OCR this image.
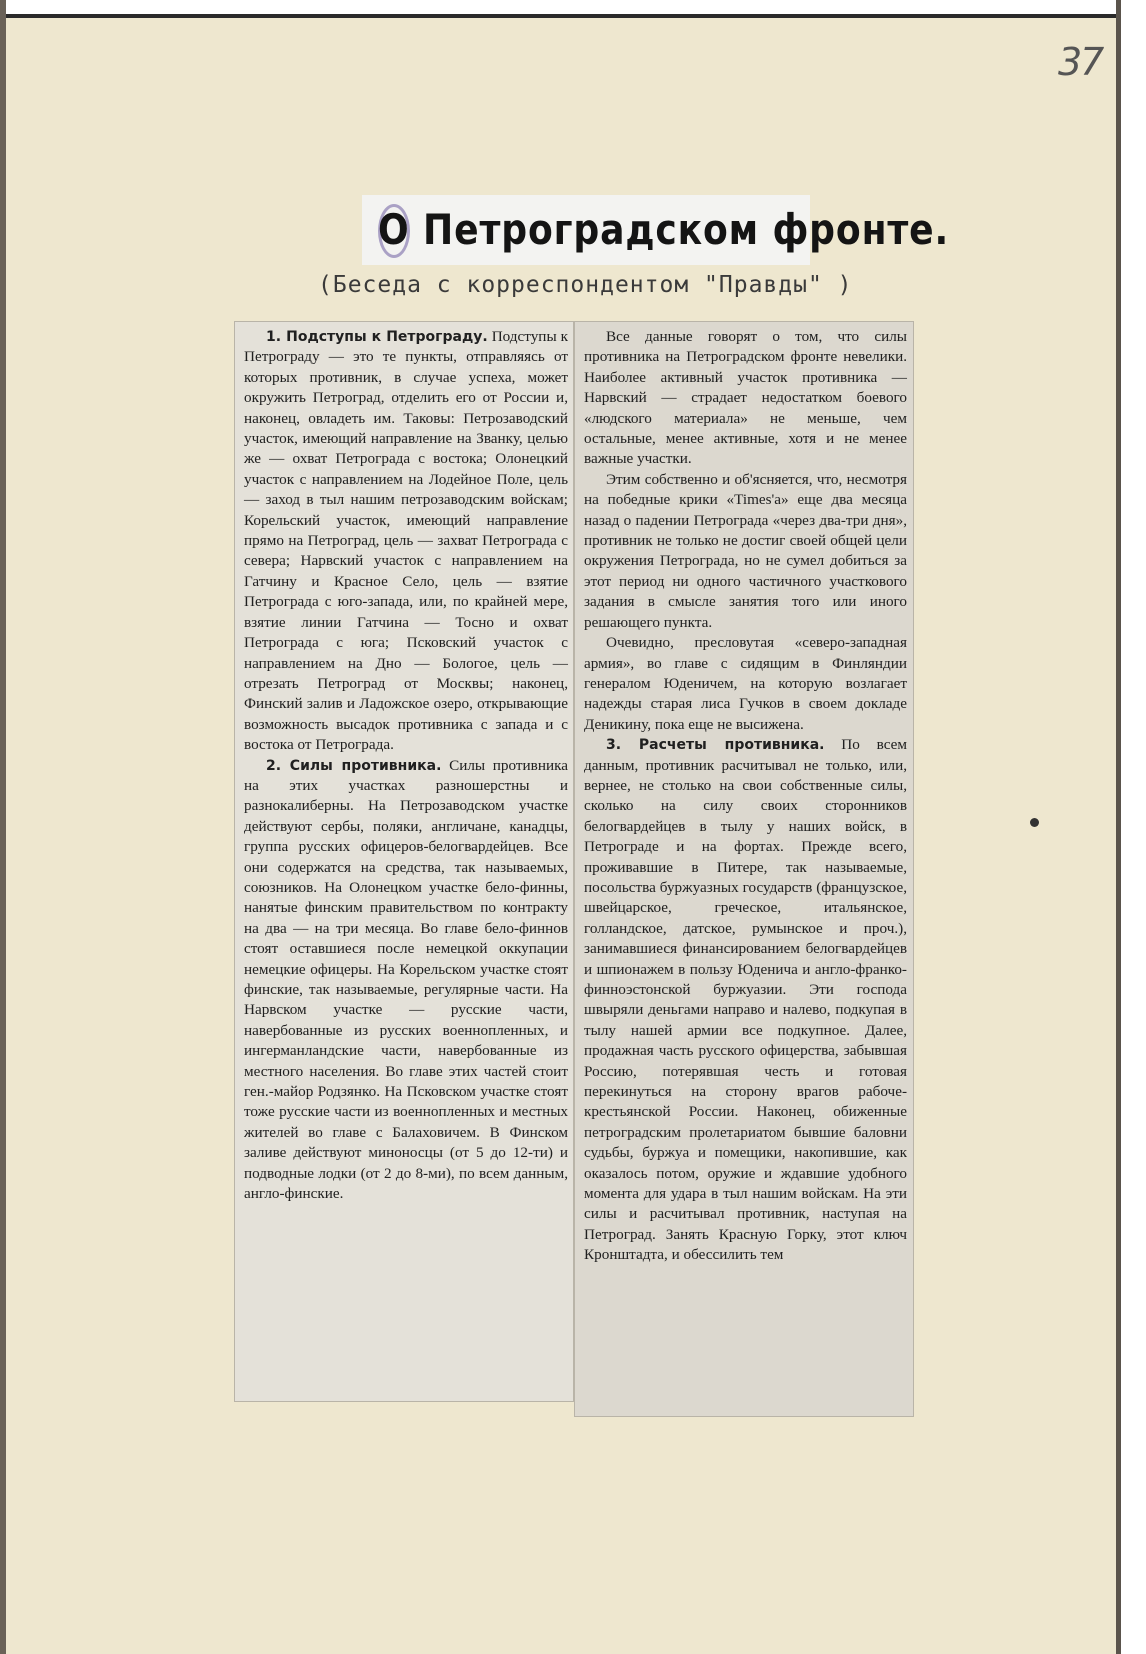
37
О Петроградском фронте.
(Беседа с корреспондентом "Правды" )

1. Подступы к Петрограду. Подступы к Петрограду — это те пункты, отправляясь от которых противник, в случае успеха, может окружить Петроград, отделить его от России и, наконец, овладеть им. Таковы: Петрозаводский участок, имеющий направление на Званку, целью же — охват Петрограда с востока; Олонецкий участок с направлением на Лодейное Поле, цель — заход в тыл нашим петрозаводским войскам; Корельский участок, имеющий направление прямо на Петроград, цель — захват Петрограда с севера; Нарвский участок с направлением на Гатчину и Красное Село, цель — взятие Петрограда с юго-запада, или, по крайней мере, взятие линии Гатчина — Тосно и охват Петрограда с юга; Псковский участок с направлением на Дно — Бологое, цель — отрезать Петроград от Москвы; наконец, Финский залив и Ладожское озеро, открывающие возможность высадок противника с запада и с востока от Петрограда.

2. Силы противника. Силы противника на этих участках разношерстны и разнокалиберны. На Петрозаводском участке действуют сербы, поляки, англичане, канадцы, группа русских офицеров-белогвардейцев. Все они содержатся на средства, так называемых, союзников. На Олонецком участке бело-финны, нанятые финским правительством по контракту на два — на три месяца. Во главе бело-финнов стоят оставшиеся после немецкой оккупации немецкие офицеры. На Корельском участке стоят финские, так называемые, регулярные части. На Нарвском участке — русские части, навербованные из русских военнопленных, и ингерманландские части, навербованные из местного населения. Во главе этих частей стоит ген.-майор Родзянко. На Псковском участке стоят тоже русские части из военнопленных и местных жителей во главе с Балаховичем. В Финском заливе действуют миноносцы (от 5 до 12-ти) и подводные лодки (от 2 до 8-ми), по всем данным, англо-финские.

Все данные говорят о том, что силы противника на Петроградском фронте невелики. Наиболее активный участок противника — Нарвский — страдает недостатком боевого «людского материала» не меньше, чем остальные, менее активные, хотя и не менее важные участки.

Этим собственно и об'ясняется, что, несмотря на победные крики «Times'а» еще два месяца назад о падении Петрограда «через два-три дня», противник не только не достиг своей общей цели окружения Петрограда, но не сумел добиться за этот период ни одного частичного участкового задания в смысле занятия того или иного решающего пункта.

Очевидно, пресловутая «северо-западная армия», во главе с сидящим в Финляндии генералом Юденичем, на которую возлагает надежды старая лиса Гучков в своем докладе Деникину, пока еще не высижена.

3. Расчеты противника. По всем данным, противник расчитывал не только, или, вернее, не столько на свои собственные силы, сколько на силу своих сторонников белогвардейцев в тылу у наших войск, в Петрограде и на фортах. Прежде всего, проживавшие в Питере, так называемые, посольства буржуазных государств (французское, швейцарское, греческое, итальянское, голландское, датское, румынское и проч.), занимавшиеся финансированием белогвардейцев и шпионажем в пользу Юденича и англо-франко-финноэстонской буржуазии. Эти господа швыряли деньгами направо и налево, подкупая в тылу нашей армии все подкупное. Далее, продажная часть русского офицерства, забывшая Россию, потерявшая честь и готовая перекинуться на сторону врагов рабоче-крестьянской России. Наконец, обиженные петроградским пролетариатом бывшие баловни судьбы, буржуа и помещики, накопившие, как оказалось потом, оружие и ждавшие удобного момента для удара в тыл нашим войскам. На эти силы и расчитывал противник, наступая на Петроград. Занять Красную Горку, этот ключ Кронштадта, и обессилить тем
